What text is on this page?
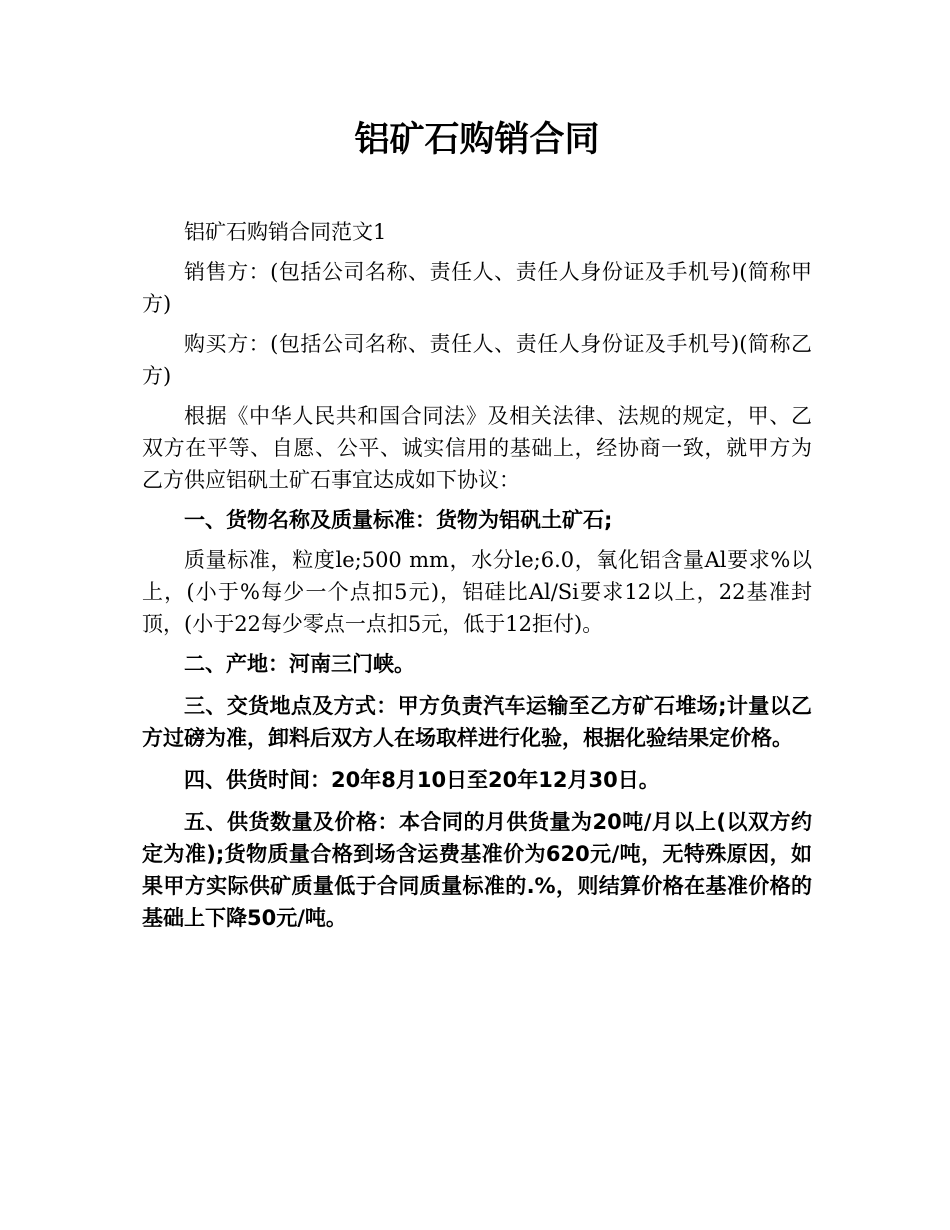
铝矿石购销合同

铝矿石购销合同范文1

销售方：(包括公司名称、责任人、责任人身份证及手机号)(简称甲方)

购买方：(包括公司名称、责任人、责任人身份证及手机号)(简称乙方)

根据《中华人民共和国合同法》及相关法律、法规的规定，甲、乙双方在平等、自愿、公平、诚实信用的基础上，经协商一致，就甲方为乙方供应铝矾土矿石事宜达成如下协议：

一、货物名称及质量标准：货物为铝矾土矿石;

质量标准，粒度le;500 mm，水分le;6.0，氧化铝含量Al要求%以上，(小于%每少一个点扣5元)，铝硅比Al/Si要求12以上，22基准封顶，(小于22每少零点一点扣5元，低于12拒付)。

二、产地：河南三门峡。

三、交货地点及方式：甲方负责汽车运输至乙方矿石堆场;计量以乙方过磅为准，卸料后双方人在场取样进行化验，根据化验结果定价格。

四、供货时间：20年8月10日至20年12月30日。

五、供货数量及价格：本合同的月供货量为20吨/月以上(以双方约定为准);货物质量合格到场含运费基准价为620元/吨，无特殊原因，如果甲方实际供矿质量低于合同质量标准的.%，则结算价格在基准价格的基础上下降50元/吨。
